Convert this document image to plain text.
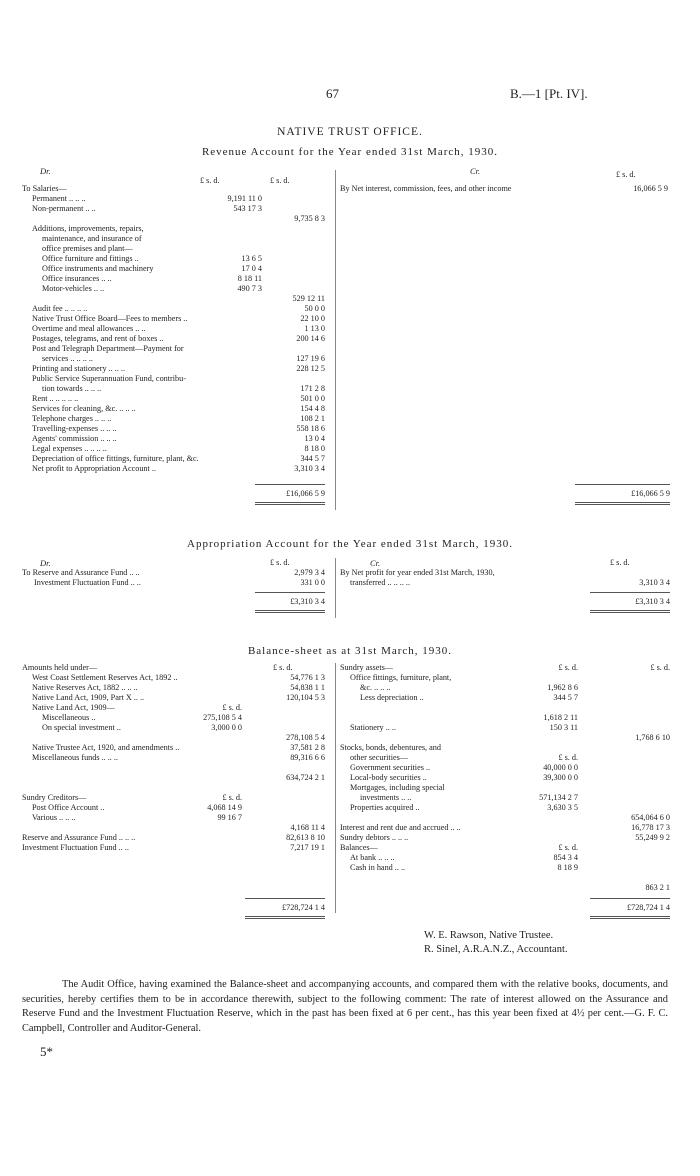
67	B.—1 [Pt. IV].
NATIVE TRUST OFFICE.
Revenue Account for the Year ended 31st March, 1930.
Dr.	Cr.
£ s. d.	£ s. d.
£ s. d.
To Salaries—
Permanent .. .. ..	9,191 11 0
Non-permanent .. ..	543 17 3
9,735 8 3
Additions, improvements, repairs,
maintenance, and insurance of
office premises and plant—
Office furniture and fittings ..	13 6 5
Office instruments and machinery	17 0 4
Office insurances .. ..	8 18 11
Motor-vehicles .. ..	490 7 3
529 12 11
Audit fee .. .. .. ..	50 0 0
Native Trust Office Board—Fees to members ..	22 10 0
Overtime and meal allowances .. ..	1 13 0
Postages, telegrams, and rent of boxes ..	200 14 6
Post and Telegraph Department—Payment for
services .. .. .. ..	127 19 6
Printing and stationery .. .. ..	228 12 5
Public Service Superannuation Fund, contribu-
tion towards .. .. ..	171 2 8
Rent .. .. .. .. ..	501 0 0
Services for cleaning, &c. .. .. ..	154 4 8
Telephone charges .. .. ..	108 2 1
Travelling-expenses .. .. ..	558 18 6
Agents' commission .. .. ..	13 0 4
Legal expenses .. .. .. ..	8 18 0
Depreciation of office fittings, furniture, plant, &c.	344 5 7
Net profit to Appropriation Account ..	3,310 3 4
By Net interest, commission, fees, and other income	16,066 5 9
£16,066 5 9	£16,066 5 9
Appropriation Account for the Year ended 31st March, 1930.
Dr.	Cr.
£ s. d.	£ s. d.
To Reserve and Assurance Fund .. ..	2,979 3 4
Investment Fluctuation Fund .. ..	331 0 0
By Net profit for year ended 31st March, 1930,
transferred .. .. .. ..	3,310 3 4
£3,310 3 4	£3,310 3 4
Balance-sheet as at 31st March, 1930.
£ s. d.
Amounts held under—
West Coast Settlement Reserves Act, 1892 ..	54,776 1 3
Native Reserves Act, 1882 .. .. ..	54,838 1 1
Native Land Act, 1909, Part X .. ..	120,104 5 3
Native Land Act, 1909—	£ s. d.
Miscellaneous ..	275,108 5 4
On special investment ..	3,000 0 0
278,108 5 4
Native Trustee Act, 1920, and amendments ..	37,581 2 8
Miscellaneous funds .. .. ..	89,316 6 6
634,724 2 1
Sundry Creditors—	£ s. d.
Post Office Account ..	4,068 14 9
Various .. .. ..	99 16 7
4,168 11 4
Reserve and Assurance Fund .. .. ..	82,613 8 10
Investment Fluctuation Fund .. ..	7,217 19 1
Sundry assets—	£ s. d.	£ s. d.
Office fittings, furniture, plant,
&c. .. .. ..	1,962 8 6
Less depreciation ..	344 5 7
1,618 2 11
Stationery .. ..	150 3 11
1,768 6 10
Stocks, bonds, debentures, and
other securities—	£ s. d.
Government securities ..	40,000 0 0
Local-body securities ..	39,300 0 0
Mortgages, including special
investments .. ..	571,134 2 7
Properties acquired ..	3,630 3 5
654,064 6 0
Interest and rent due and accrued .. ..	16,778 17 3
Sundry debtors .. .. ..	55,249 9 2
Balances—	£ s. d.
At bank .. .. ..	854 3 4
Cash in hand .. ..	8 18 9
863 2 1
£728,724 1 4	£728,724 1 4
W. E. Rawson, Native Trustee.
R. Sinel, A.R.A.N.Z., Accountant.
The Audit Office, having examined the Balance-sheet and accompanying accounts, and compared them with the relative books, documents, and securities, hereby certifies them to be in accordance therewith, subject to the following comment: The rate of interest allowed on the Assurance and Reserve Fund and the Investment Fluctuation Reserve, which in the past has been fixed at 6 per cent., has this year been fixed at 4½ per cent.—G. F. C. Campbell, Controller and Auditor-General.
5*
